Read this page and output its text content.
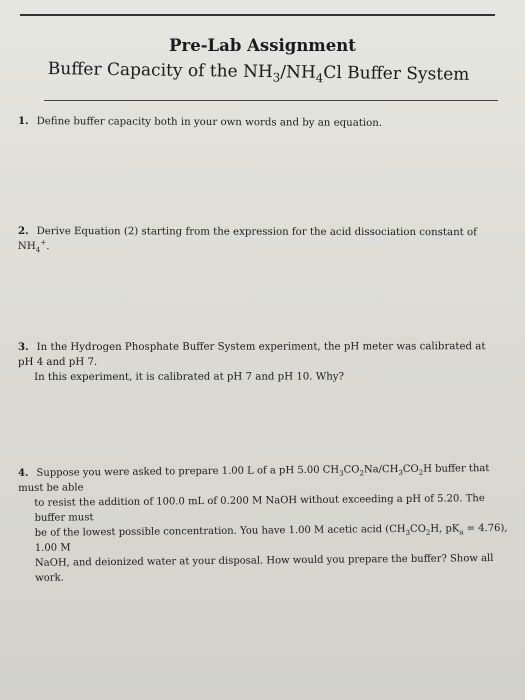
Pre-Lab Assignment
Buffer Capacity of the $NH_3/NH_4Cl$ Buffer System
1. Define buffer capacity both in your own words and by an equation.
2. Derive Equation (2) starting from the expression for the acid dissociation constant of $NH_4^+$.
3. In the Hydrogen Phosphate Buffer System experiment, the pH meter was calibrated at pH 4 and pH 7.
In this experiment, it is calibrated at pH 7 and pH 10. Why?
4. Suppose you were asked to prepare 1.00 L of a pH 5.00 $CH_3CO_2Na/CH_3CO_2H$ buffer that must be able
to resist the addition of 100.0 mL of 0.200 M NaOH without exceeding a pH of 5.20. The buffer must
be of the lowest possible concentration. You have 1.00 M acetic acid ($CH_3CO_2H$, $pK_a = 4.76$), 1.00 M
NaOH, and deionized water at your disposal. How would you prepare the buffer? Show all work.
